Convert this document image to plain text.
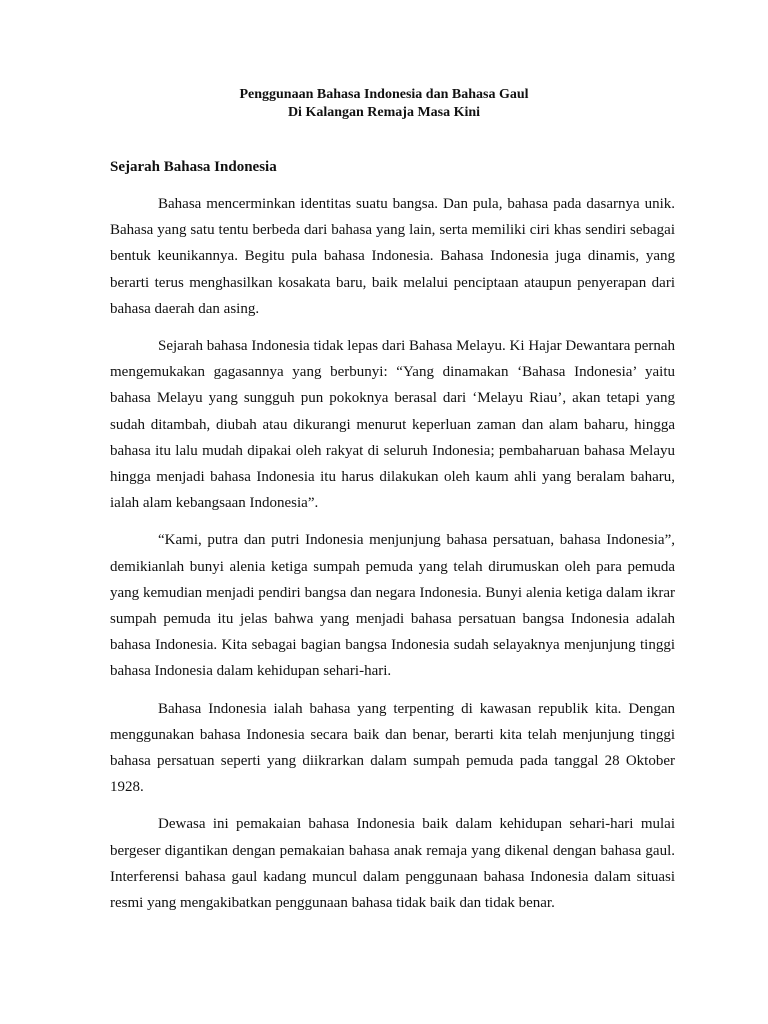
Penggunaan Bahasa Indonesia dan Bahasa Gaul
Di Kalangan Remaja Masa Kini
Sejarah Bahasa Indonesia

Bahasa mencerminkan identitas suatu bangsa. Dan pula, bahasa pada dasarnya unik. Bahasa yang satu tentu berbeda dari bahasa yang lain, serta memiliki ciri khas sendiri sebagai bentuk keunikannya. Begitu pula bahasa Indonesia. Bahasa Indonesia juga dinamis, yang berarti terus menghasilkan kosakata baru, baik melalui penciptaan ataupun penyerapan dari bahasa daerah dan asing.

Sejarah bahasa Indonesia tidak lepas dari Bahasa Melayu. Ki Hajar Dewantara pernah mengemukakan gagasannya yang berbunyi: “Yang dinamakan ‘Bahasa Indonesia’ yaitu bahasa Melayu yang sungguh pun pokoknya berasal dari ‘Melayu Riau’, akan tetapi yang sudah ditambah, diubah atau dikurangi menurut keperluan zaman dan alam baharu, hingga bahasa itu lalu mudah dipakai oleh rakyat di seluruh Indonesia; pembaharuan bahasa Melayu hingga menjadi bahasa Indonesia itu harus dilakukan oleh kaum ahli yang beralam baharu, ialah alam kebangsaan Indonesia”.

“Kami, putra dan putri Indonesia menjunjung bahasa persatuan, bahasa Indonesia”, demikianlah bunyi alenia ketiga sumpah pemuda yang telah dirumuskan oleh para pemuda yang kemudian menjadi pendiri bangsa dan negara Indonesia. Bunyi alenia ketiga dalam ikrar sumpah pemuda itu jelas bahwa yang menjadi bahasa persatuan bangsa Indonesia adalah bahasa Indonesia. Kita sebagai bagian bangsa Indonesia sudah selayaknya menjunjung tinggi bahasa Indonesia dalam kehidupan sehari-hari.

Bahasa Indonesia ialah bahasa yang terpenting di kawasan republik kita. Dengan menggunakan bahasa Indonesia secara baik dan benar, berarti kita telah menjunjung tinggi bahasa persatuan seperti yang diikrarkan dalam sumpah pemuda pada tanggal 28 Oktober 1928.

Dewasa ini pemakaian bahasa Indonesia baik dalam kehidupan sehari-hari mulai bergeser digantikan dengan pemakaian bahasa anak remaja yang dikenal dengan bahasa gaul. Interferensi bahasa gaul kadang muncul dalam penggunaan bahasa Indonesia dalam situasi resmi yang mengakibatkan penggunaan bahasa tidak baik dan tidak benar.
